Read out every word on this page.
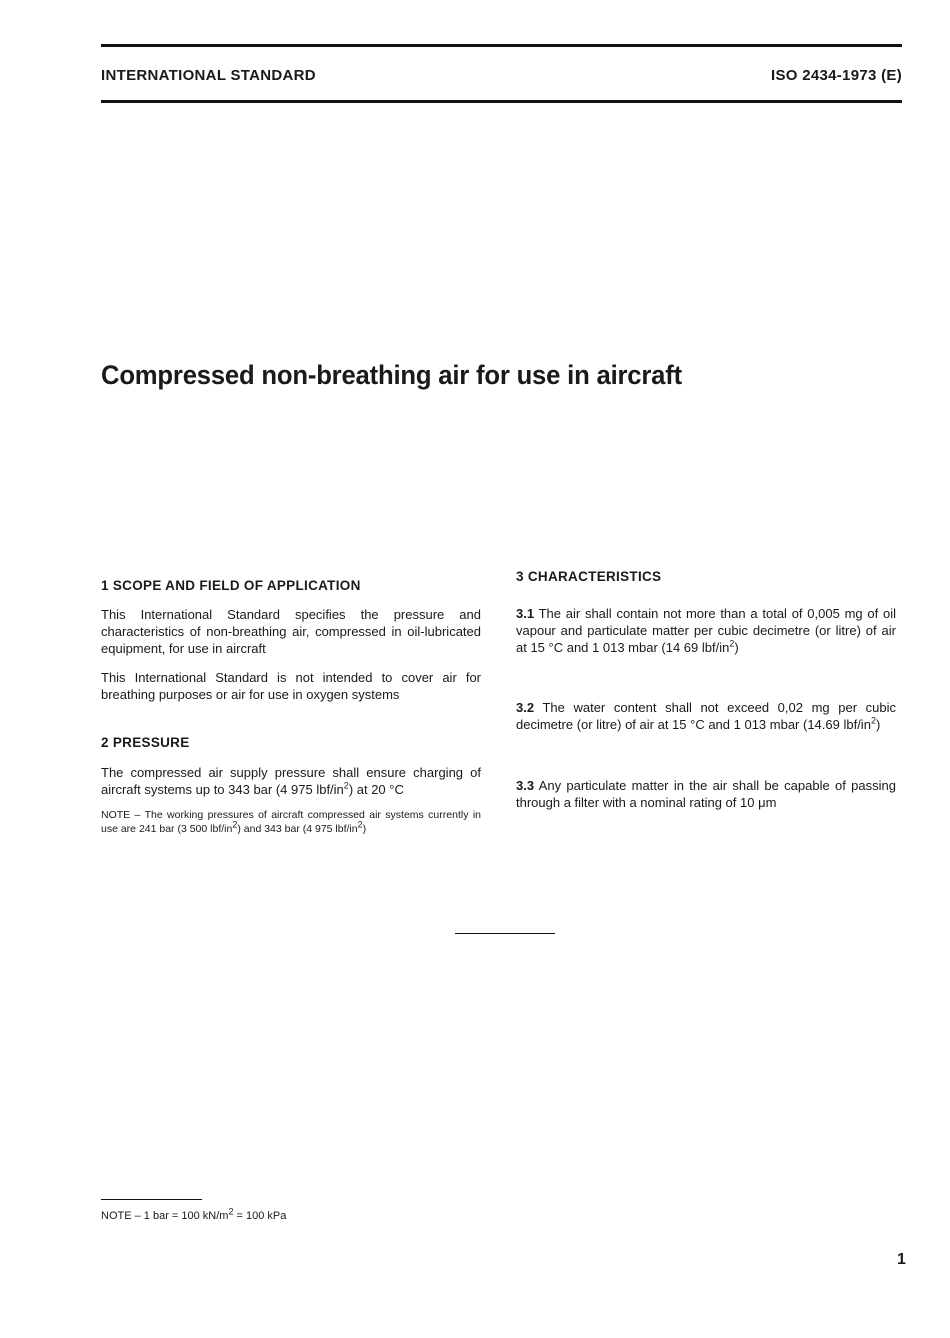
INTERNATIONAL STANDARD	ISO 2434-1973 (E)
Compressed non-breathing air for use in aircraft
1 SCOPE AND FIELD OF APPLICATION

This International Standard specifies the pressure and characteristics of non-breathing air, compressed in oil-lubricated equipment, for use in aircraft

This International Standard is not intended to cover air for breathing purposes or air for use in oxygen systems

2 PRESSURE

The compressed air supply pressure shall ensure charging of aircraft systems up to 343 bar (4 975 lbf/$in^2$) at 20 °C

NOTE – The working pressures of aircraft compressed air systems currently in use are 241 bar (3 500 lbf/$in^2$) and 343 bar (4 975 lbf/$in^2$)

3 CHARACTERISTICS

3.1 The air shall contain not more than a total of 0,005 mg of oil vapour and particulate matter per cubic decimetre (or litre) of air at 15 °C and 1 013 mbar (14 69 lbf/$in^2$)

3.2 The water content shall not exceed 0,02 mg per cubic decimetre (or litre) of air at 15 °C and 1 013 mbar (14.69 lbf/$in^2$)

3.3 Any particulate matter in the air shall be capable of passing through a filter with a nominal rating of 10 μm

NOTE – 1 bar = 100 $kN/m^2 = 100$ kPa
1
